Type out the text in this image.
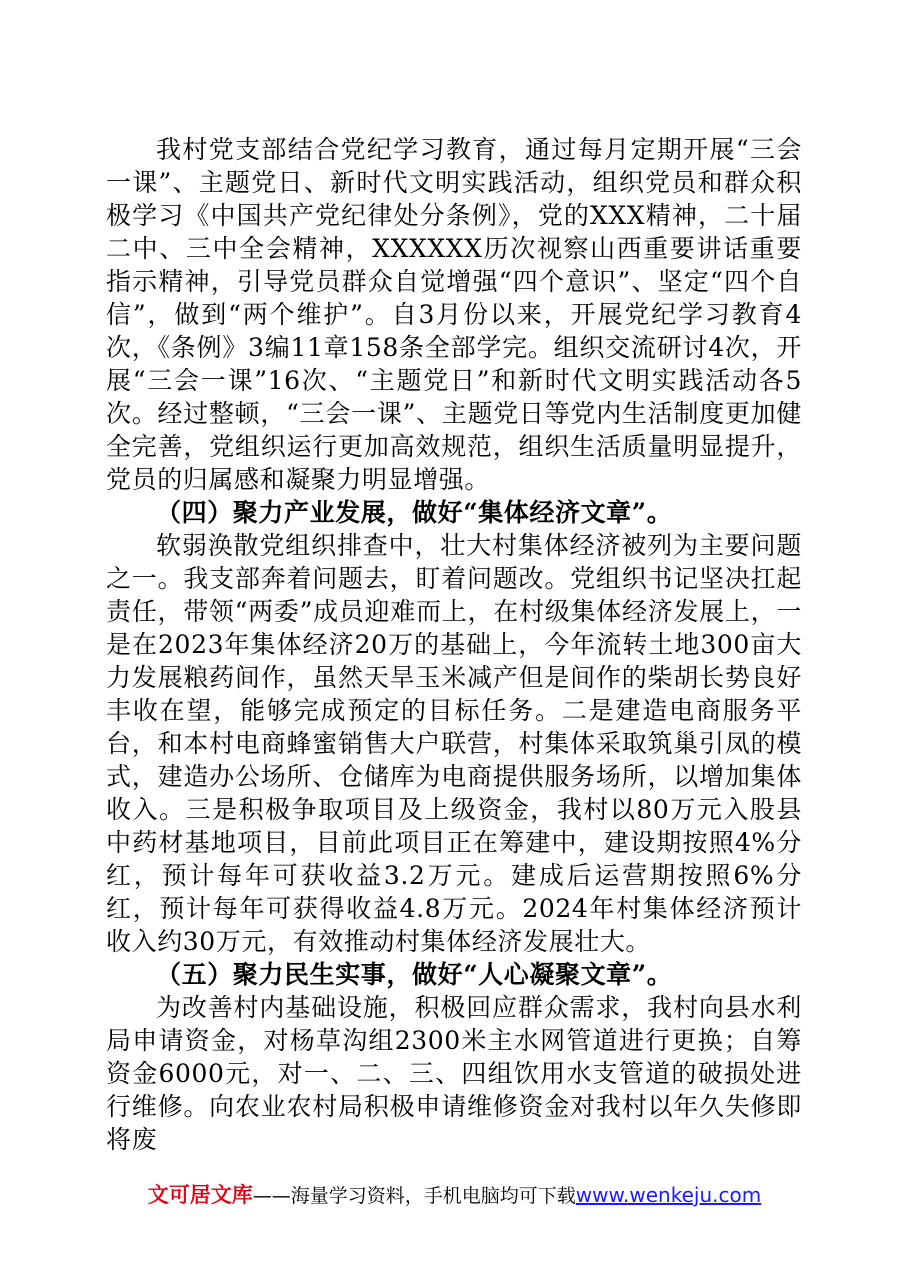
我村党支部结合党纪学习教育，通过每月定期开展“三会一课”、主题党日、新时代文明实践活动，组织党员和群众积极学习《中国共产党纪律处分条例》，党的XXX精神，二十届二中、三中全会精神，XXXXXX历次视察山西重要讲话重要指示精神，引导党员群众自觉增强“四个意识”、坚定“四个自信”，做到“两个维护”。自3月份以来，开展党纪学习教育4次，《条例》3编11章158条全部学完。组织交流研讨4次，开展“三会一课”16次、“主题党日”和新时代文明实践活动各5次。经过整顿，“三会一课”、主题党日等党内生活制度更加健全完善，党组织运行更加高效规范，组织生活质量明显提升，党员的归属感和凝聚力明显增强。

（四）聚力产业发展，做好“集体经济文章”。

软弱涣散党组织排查中，壮大村集体经济被列为主要问题之一。我支部奔着问题去，盯着问题改。党组织书记坚决扛起责任，带领“两委”成员迎难而上，在村级集体经济发展上，一是在2023年集体经济20万的基础上，今年流转土地300亩大力发展粮药间作，虽然天旱玉米减产但是间作的柴胡长势良好丰收在望，能够完成预定的目标任务。二是建造电商服务平台，和本村电商蜂蜜销售大户联营，村集体采取筑巢引凤的模式，建造办公场所、仓储库为电商提供服务场所，以增加集体收入。三是积极争取项目及上级资金，我村以80万元入股县中药材基地项目，目前此项目正在筹建中，建设期按照4%分红，预计每年可获收益3.2万元。建成后运营期按照6%分红，预计每年可获得收益4.8万元。2024年村集体经济预计收入约30万元，有效推动村集体经济发展壮大。

（五）聚力民生实事，做好“人心凝聚文章”。

为改善村内基础设施，积极回应群众需求，我村向县水利局申请资金，对杨草沟组2300米主水网管道进行更换；自筹资金6000元，对一、二、三、四组饮用水支管道的破损处进行维修。向农业农村局积极申请维修资金对我村以年久失修即将废

文可居文库——海量学习资料，手机电脑均可下载www.wenkeju.com
